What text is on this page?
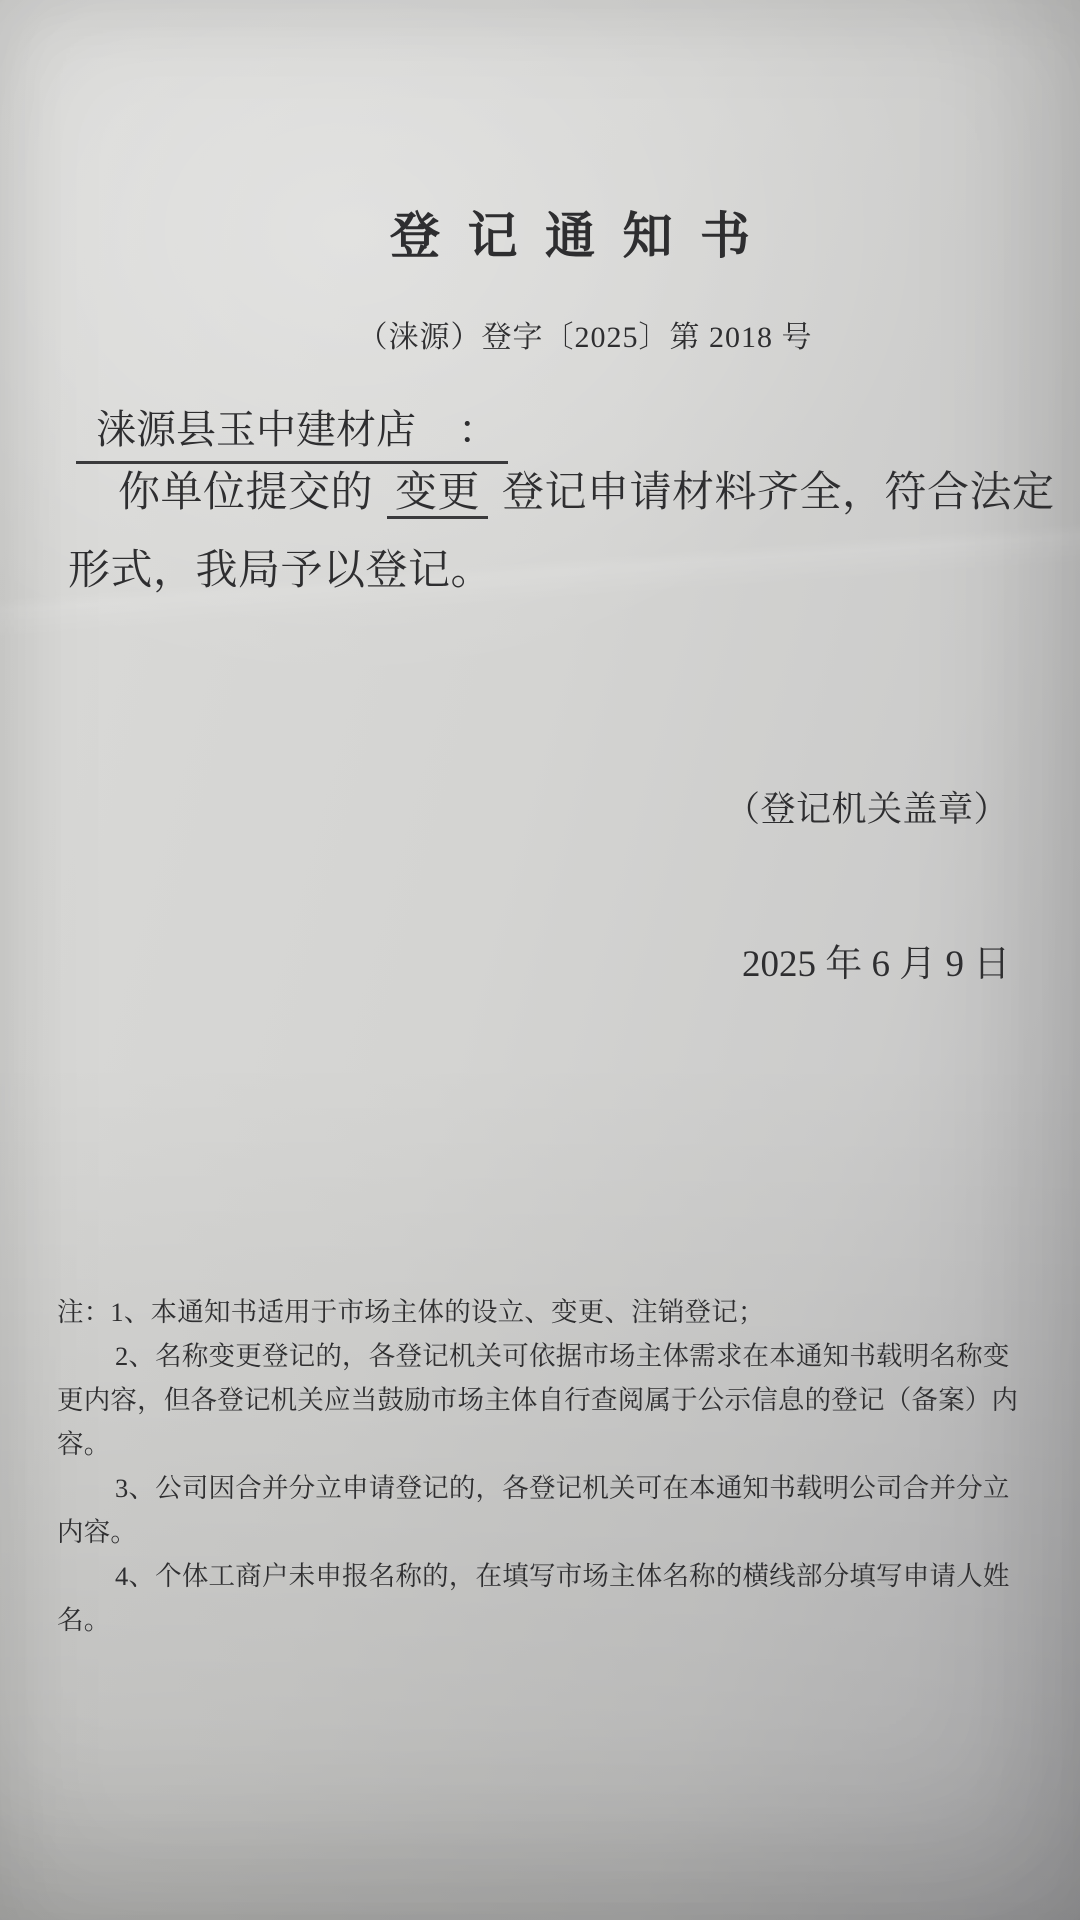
登记通知书
（涞源）登字〔2025〕第 2018 号
涞源县玉中建材店 ：
你单位提交的 变更 登记申请材料齐全，符合法定形式，我局予以登记。
（登记机关盖章）
2025 年 6 月 9 日

注：1、本通知书适用于市场主体的设立、变更、注销登记；

2、名称变更登记的，各登记机关可依据市场主体需求在本通知书载明名称变更内容，但各登记机关应当鼓励市场主体自行查阅属于公示信息的登记（备案）内容。

3、公司因合并分立申请登记的，各登记机关可在本通知书载明公司合并分立内容。

4、个体工商户未申报名称的，在填写市场主体名称的横线部分填写申请人姓名。
